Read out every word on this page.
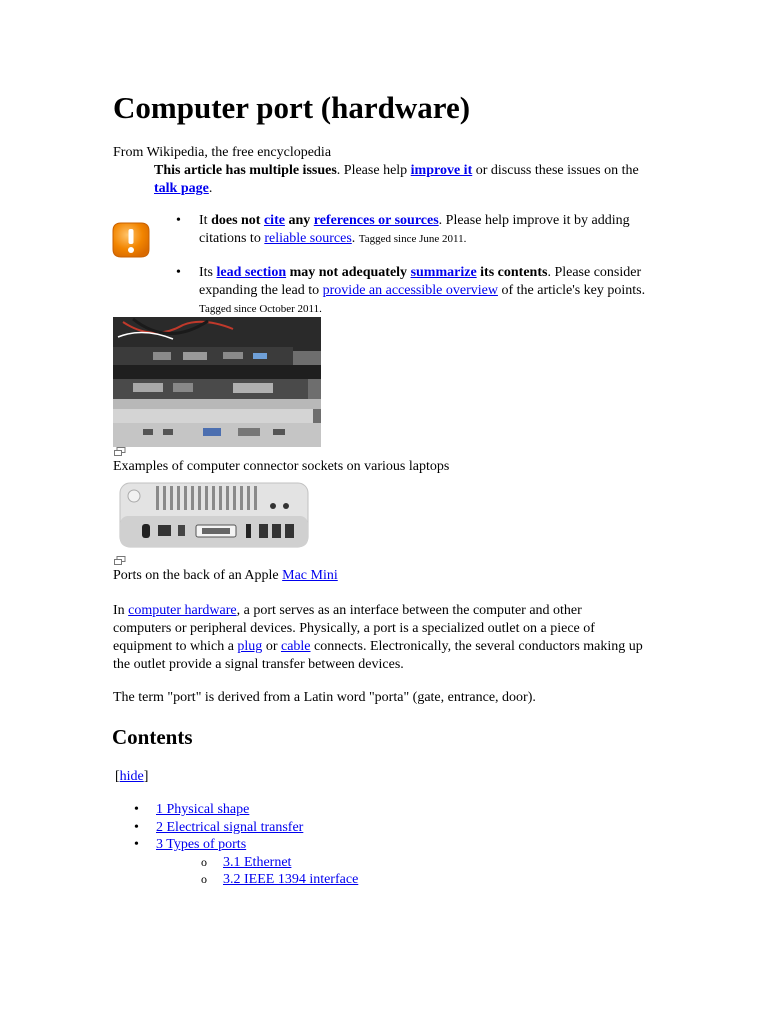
Computer port (hardware)
From Wikipedia, the free encyclopedia
This article has multiple issues. Please help improve it or discuss these issues on the talk page.
• It does not cite any references or sources. Please help improve it by adding citations to reliable sources. Tagged since June 2011.
• Its lead section may not adequately summarize its contents. Please consider expanding the lead to provide an accessible overview of the article's key points. Tagged since October 2011.
Examples of computer connector sockets on various laptops
Ports on the back of an Apple Mac Mini
In computer hardware, a port serves as an interface between the computer and other computers or peripheral devices. Physically, a port is a specialized outlet on a piece of equipment to which a plug or cable connects. Electronically, the several conductors making up the outlet provide a signal transfer between devices.
The term "port" is derived from a Latin word "porta" (gate, entrance, door).
Contents
[hide]
• 1 Physical shape
• 2 Electrical signal transfer
• 3 Types of ports
o 3.1 Ethernet
o 3.2 IEEE 1394 interface
